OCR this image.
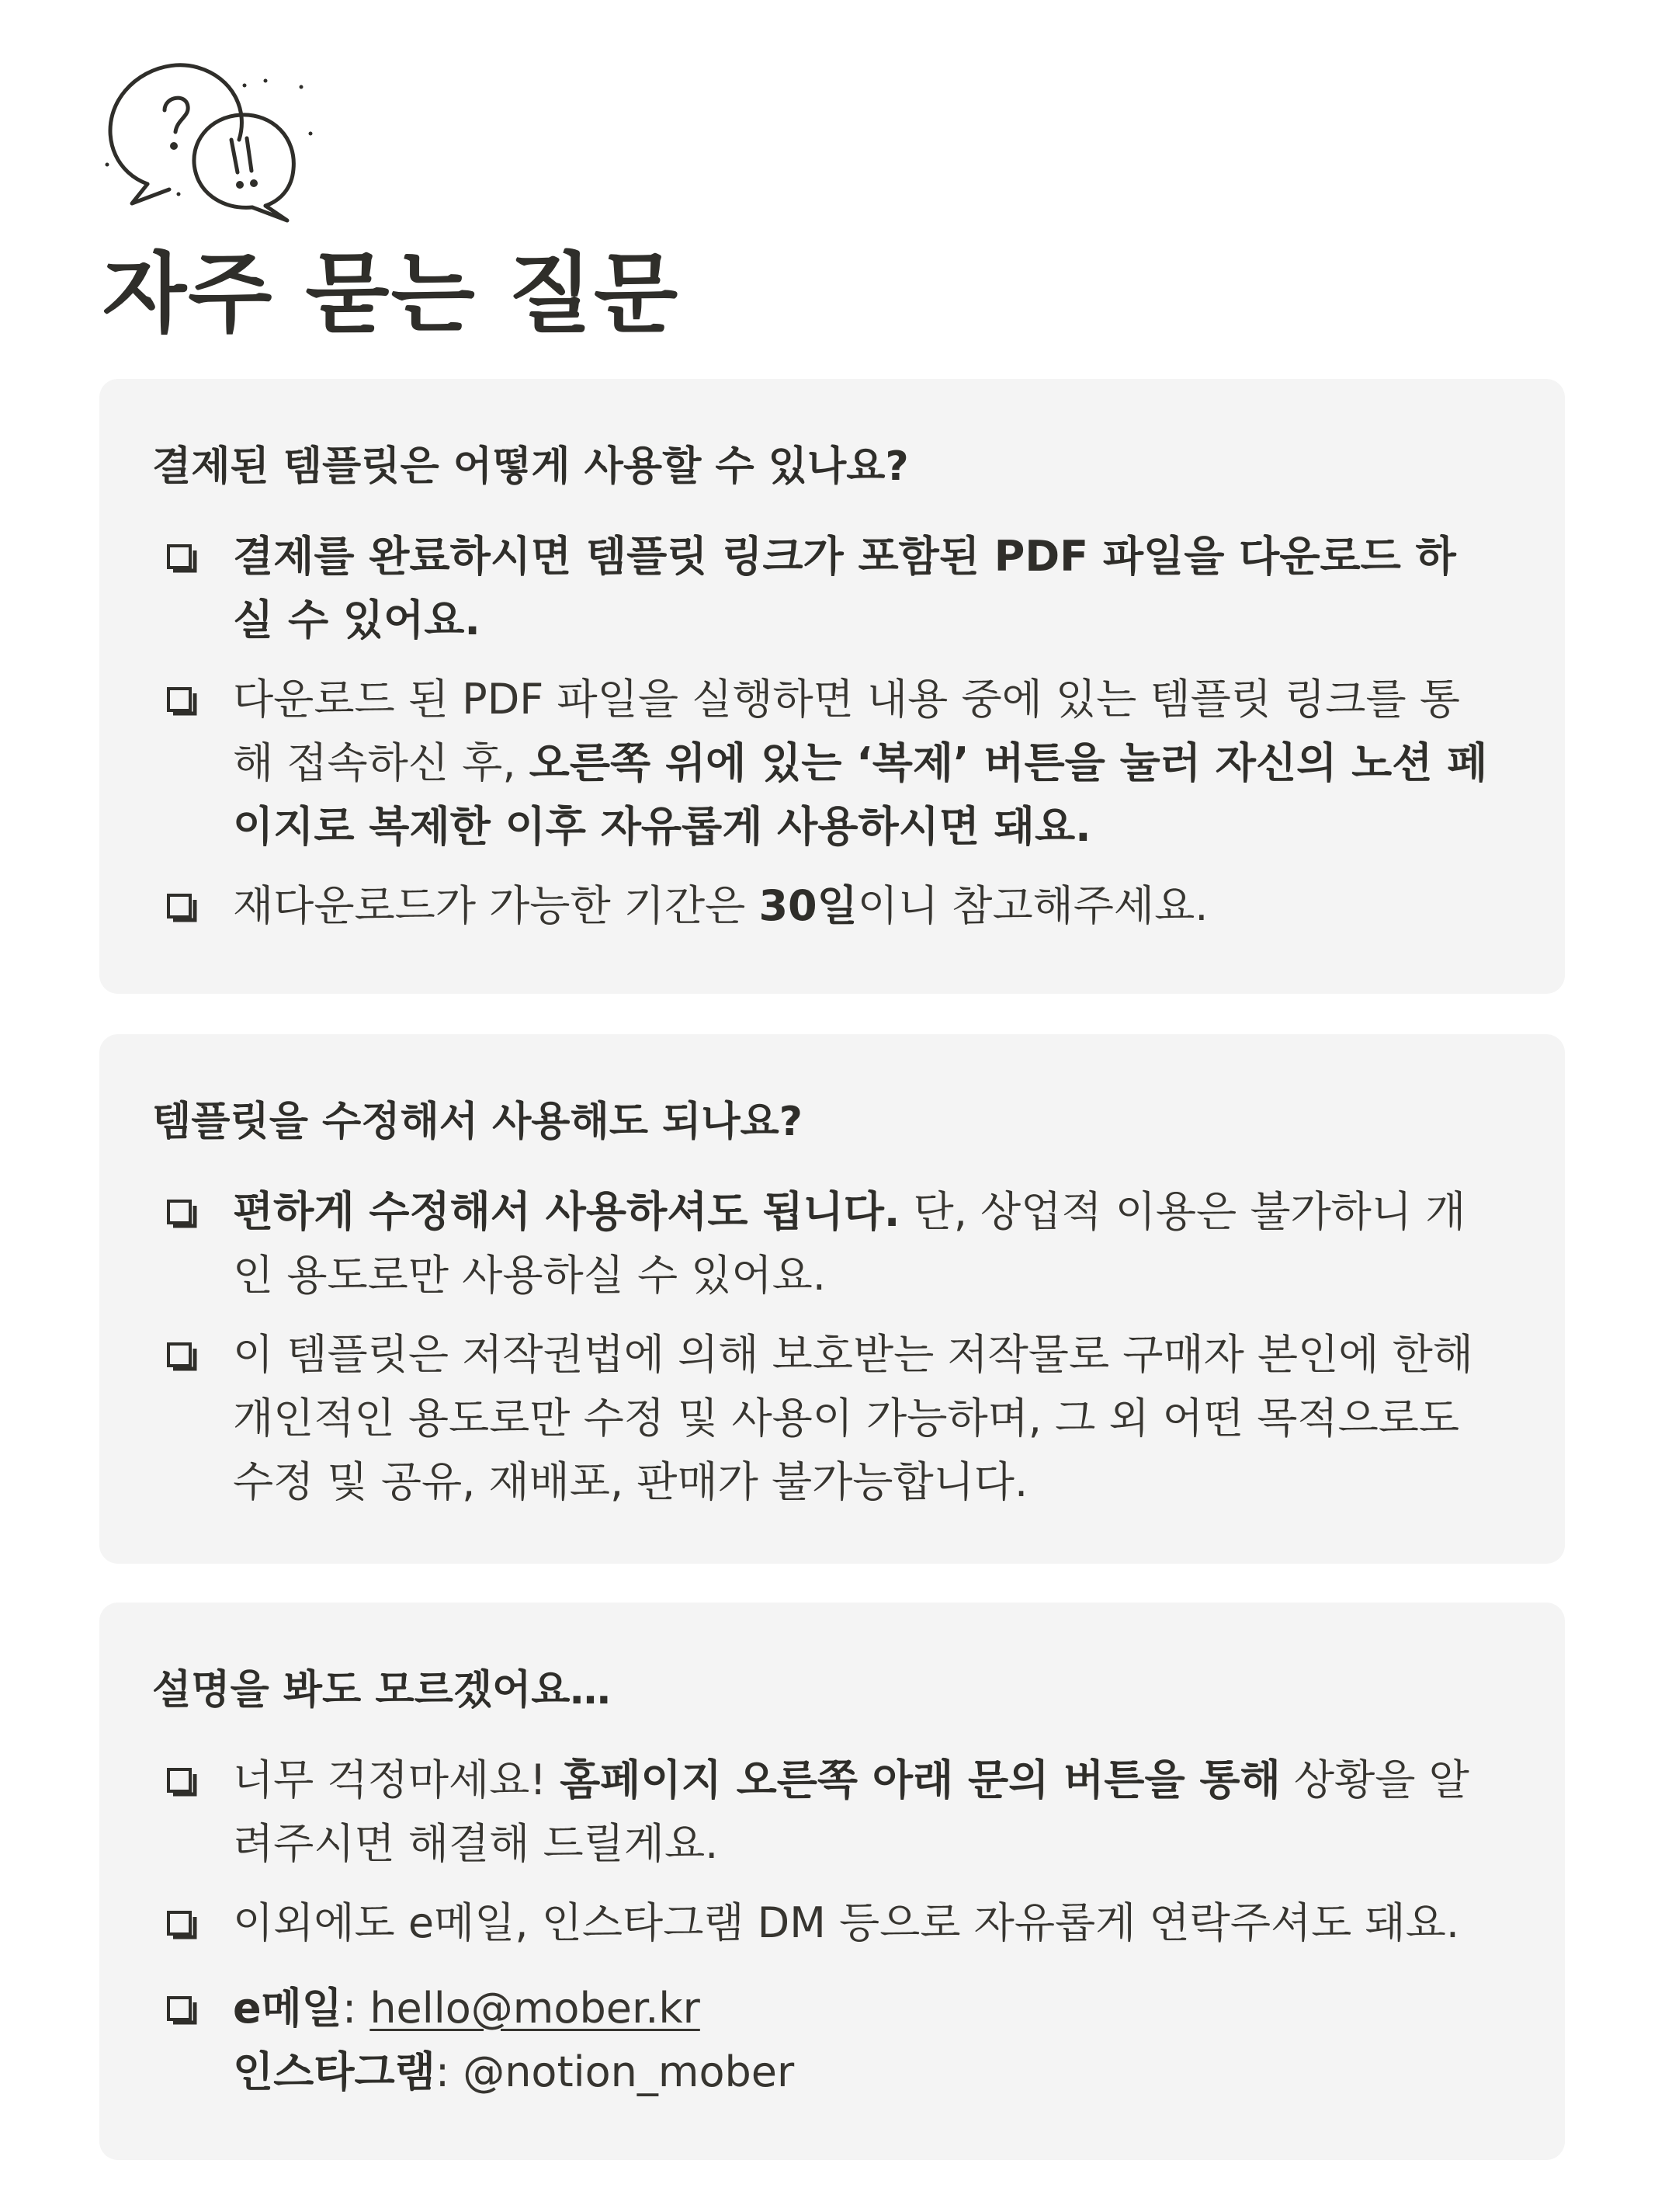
자주 묻는 질문
결제된 템플릿은 어떻게 사용할 수 있나요?
결제를 완료하시면 템플릿 링크가 포함된 PDF 파일을 다운로드 하실 수 있어요.
다운로드 된 PDF 파일을 실행하면 내용 중에 있는 템플릿 링크를 통해 접속하신 후, 오른쪽 위에 있는 ‘복제’ 버튼을 눌러 자신의 노션 페이지로 복제한 이후 자유롭게 사용하시면 돼요.
재다운로드가 가능한 기간은 30일이니 참고해주세요.
템플릿을 수정해서 사용해도 되나요?
편하게 수정해서 사용하셔도 됩니다. 단, 상업적 이용은 불가하니 개인 용도로만 사용하실 수 있어요.
이 템플릿은 저작권법에 의해 보호받는 저작물로 구매자 본인에 한해 개인적인 용도로만 수정 및 사용이 가능하며, 그 외 어떤 목적으로도 수정 및 공유, 재배포, 판매가 불가능합니다.
설명을 봐도 모르겠어요…
너무 걱정마세요! 홈페이지 오른쪽 아래 문의 버튼을 통해 상황을 알려주시면 해결해 드릴게요.
이외에도 e메일, 인스타그램 DM 등으로 자유롭게 연락주셔도 돼요.
e메일: hello@mober.kr
인스타그램: @notion_mober
